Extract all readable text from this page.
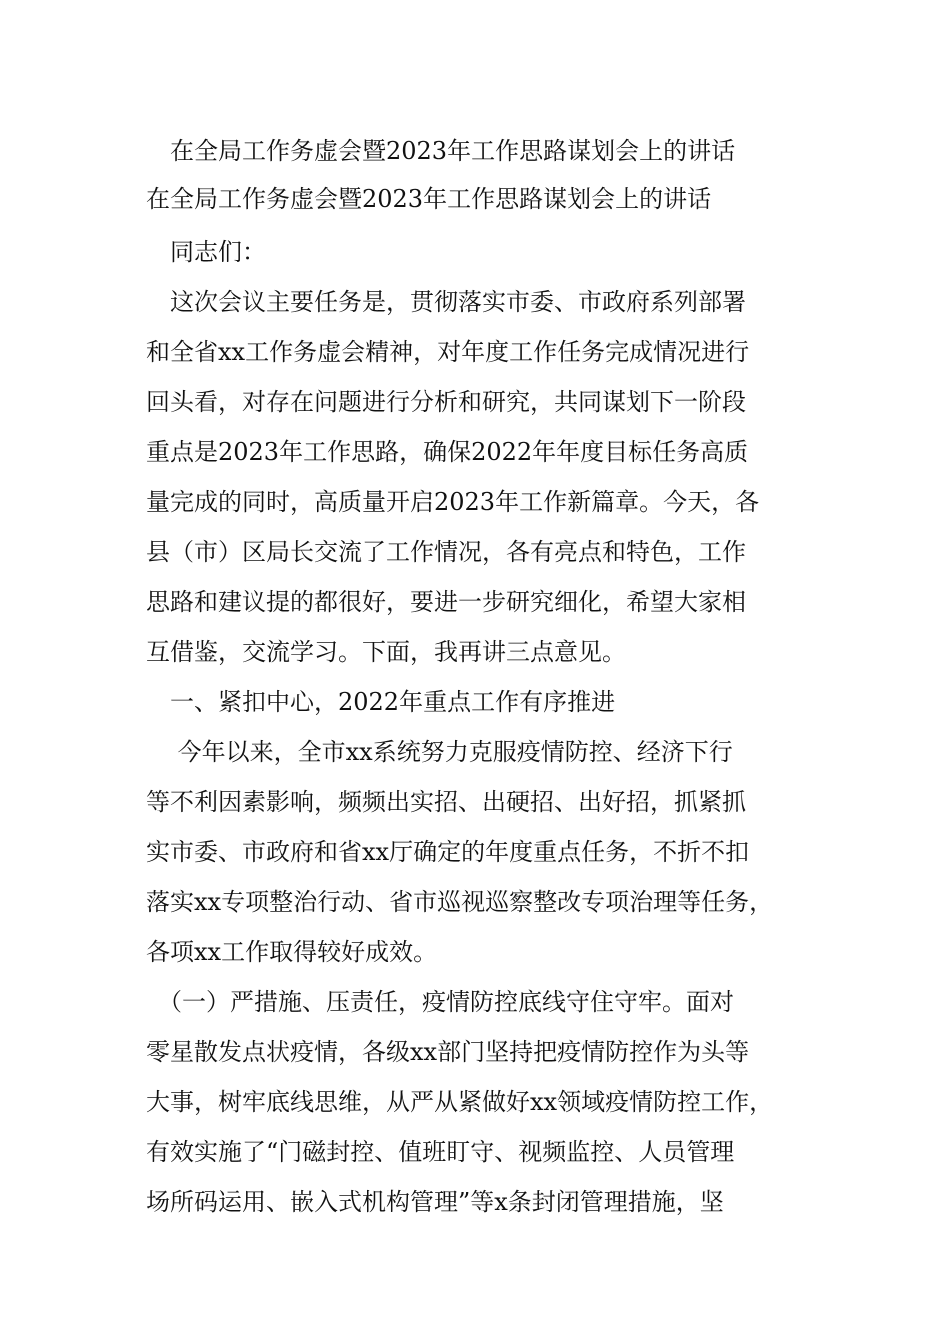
在全局工作务虚会暨2023年工作思路谋划会上的讲话
在全局工作务虚会暨2023年工作思路谋划会上的讲话
　同志们：
　这次会议主要任务是，贯彻落实市委、市政府系列部署
和全省xx工作务虚会精神，对年度工作任务完成情况进行
回头看，对存在问题进行分析和研究，共同谋划下一阶段
重点是2023年工作思路，确保2022年年度目标任务高质
量完成的同时，高质量开启2023年工作新篇章。今天，各
县（市）区局长交流了工作情况，各有亮点和特色，工作
思路和建议提的都很好，要进一步研究细化，希望大家相
互借鉴，交流学习。下面，我再讲三点意见。
　一、紧扣中心，2022年重点工作有序推进
　 今年以来，全市xx系统努力克服疫情防控、经济下行
等不利因素影响，频频出实招、出硬招、出好招，抓紧抓
实市委、市政府和省xx厅确定的年度重点任务，不折不扣
落实xx专项整治行动、省市巡视巡察整改专项治理等任务，
各项xx工作取得较好成效。
　（一）严措施、压责任，疫情防控底线守住守牢。面对
零星散发点状疫情，各级xx部门坚持把疫情防控作为头等
大事，树牢底线思维，从严从紧做好xx领域疫情防控工作，
有效实施了“门磁封控、值班盯守、视频监控、人员管理
场所码运用、嵌入式机构管理”等x条封闭管理措施，坚
